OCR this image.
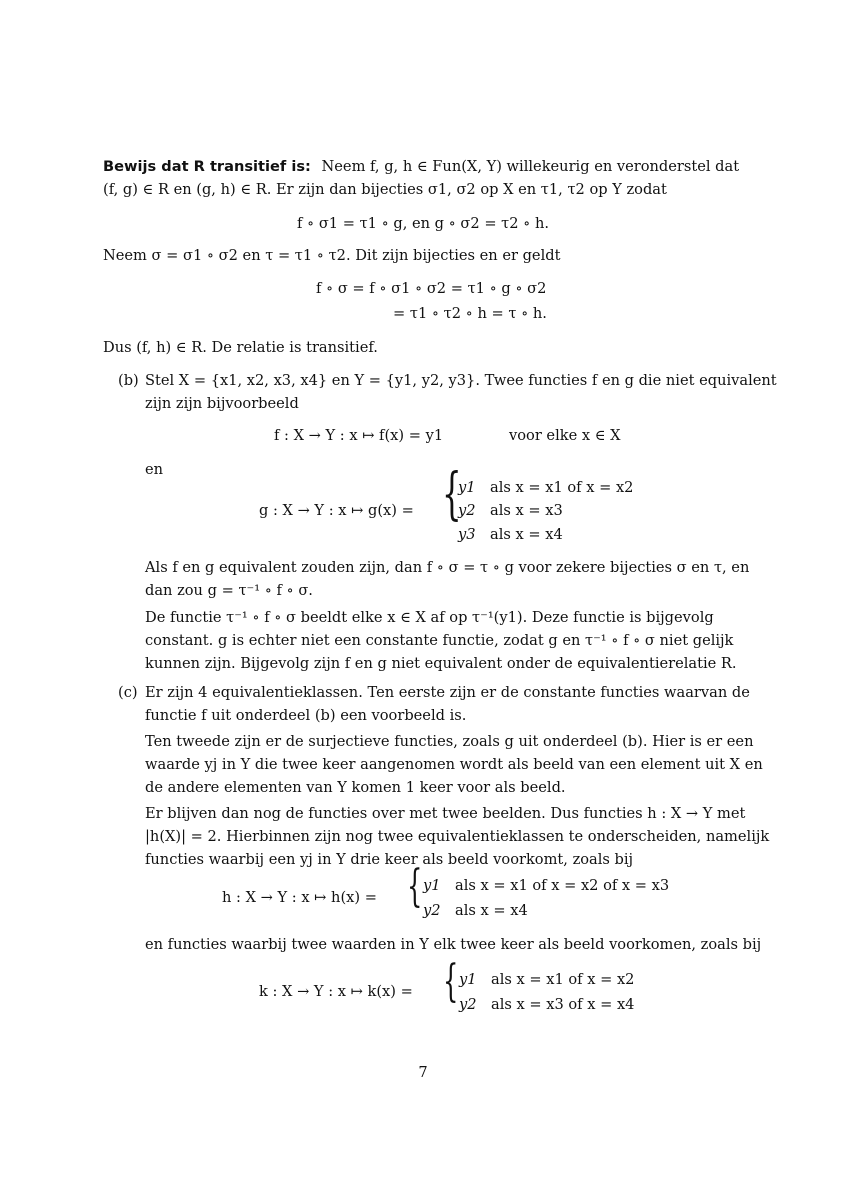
Bewijs dat R transitief is: Neem f, g, h ∈ Fun(X, Y) willekeurig en veronderstel dat
(f, g) ∈ R en (g, h) ∈ R. Er zijn dan bijecties σ1, σ2 op X en τ1, τ2 op Y zodat
f ∘ σ1 = τ1 ∘ g, en g ∘ σ2 = τ2 ∘ h.
Neem σ = σ1 ∘ σ2 en τ = τ1 ∘ τ2. Dit zijn bijecties en er geldt
f ∘ σ = f ∘ σ1 ∘ σ2 = τ1 ∘ g ∘ σ2
= τ1 ∘ τ2 ∘ h = τ ∘ h.
Dus (f, h) ∈ R. De relatie is transitief.
(b) Stel X = {x1, x2, x3, x4} en Y = {y1, y2, y3}. Twee functies f en g die niet equivalent
zijn zijn bijvoorbeeld
f : X → Y : x ↦ f(x) = y1	voor elke x ∈ X
en
g : X → Y : x ↦ g(x) = {
y1 als x = x1 of x = x2
y2 als x = x3
y3 als x = x4
Als f en g equivalent zouden zijn, dan f ∘ σ = τ ∘ g voor zekere bijecties σ en τ, en
dan zou g = τ⁻¹ ∘ f ∘ σ.
De functie τ⁻¹ ∘ f ∘ σ beeldt elke x ∈ X af op τ⁻¹(y1). Deze functie is bijgevolg
constant. g is echter niet een constante functie, zodat g en τ⁻¹ ∘ f ∘ σ niet gelijk
kunnen zijn. Bijgevolg zijn f en g niet equivalent onder de equivalentierelatie R.
(c) Er zijn 4 equivalentieklassen. Ten eerste zijn er de constante functies waarvan de
functie f uit onderdeel (b) een voorbeeld is.
Ten tweede zijn er de surjectieve functies, zoals g uit onderdeel (b). Hier is er een
waarde yj in Y die twee keer aangenomen wordt als beeld van een element uit X en
de andere elementen van Y komen 1 keer voor als beeld.
Er blijven dan nog de functies over met twee beelden. Dus functies h : X → Y met
|h(X)| = 2. Hierbinnen zijn nog twee equivalentieklassen te onderscheiden, namelijk
functies waarbij een yj in Y drie keer als beeld voorkomt, zoals bij
h : X → Y : x ↦ h(x) = { y1 als x = x1 of x = x2 of x = x3
y2 als x = x4
en functies waarbij twee waarden in Y elk twee keer als beeld voorkomen, zoals bij
k : X → Y : x ↦ k(x) = { y1 als x = x1 of x = x2
y2 als x = x3 of x = x4
7
